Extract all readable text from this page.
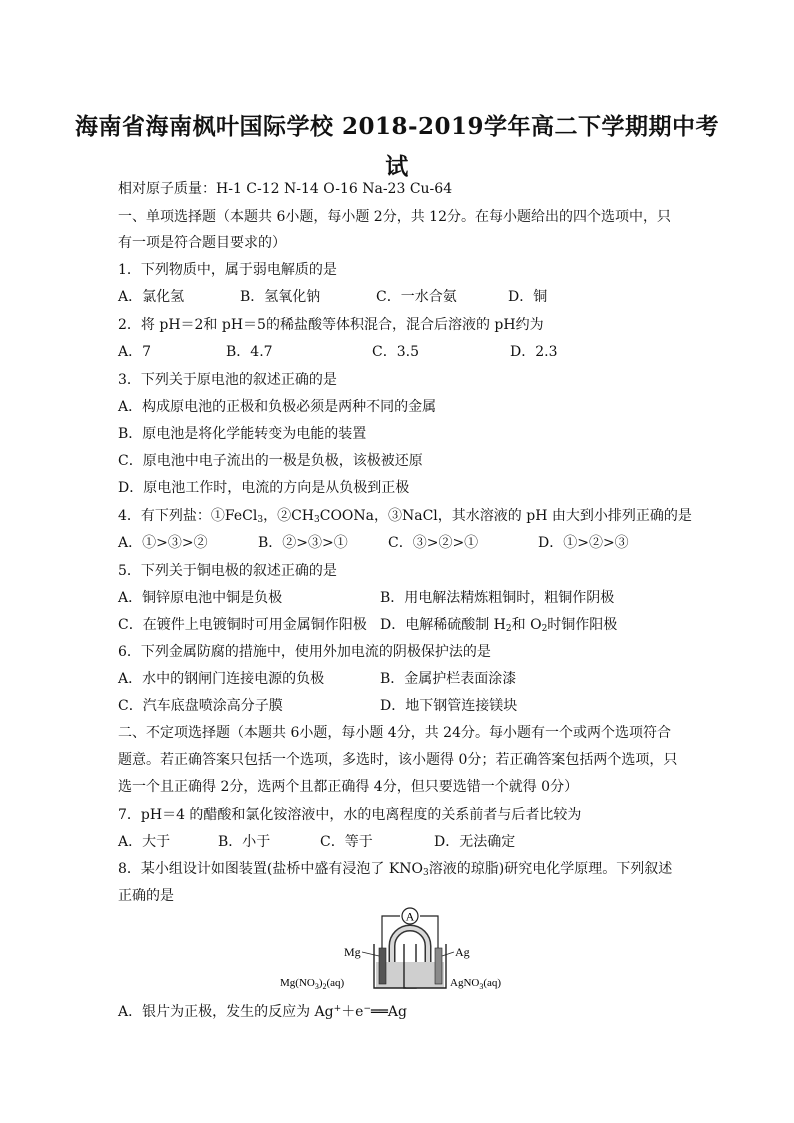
海南省海南枫叶国际学校 2018-2019学年高二下学期期中考
试
相对原子质量：H-1 C-12 N-14 O-16 Na-23 Cu-64
一、单项选择题（本题共 6小题，每小题 2分，共 12分。在每小题给出的四个选项中，只
有一项是符合题目要求的）
1．下列物质中，属于弱电解质的是
A．氯化氢	B．氢氧化钠	C．一水合氨	D．铜
2．将 pH＝2和 pH＝5的稀盐酸等体积混合，混合后溶液的 pH约为
A．7	B．4.7	C．3.5	D．2.3
3．下列关于原电池的叙述正确的是
A．构成原电池的正极和负极必须是两种不同的金属
B．原电池是将化学能转变为电能的装置
C．原电池中电子流出的一极是负极，该极被还原
D．原电池工作时，电流的方向是从负极到正极
4．有下列盐：①FeCl$_3$，$②CH_3COONa$，③NaCl，其水溶液的 pH 由大到小排列正确的是
A．①>③>②	B．②>③>①	C．③>②>①	D．①>②>③
5．下列关于铜电极的叙述正确的是
A．铜锌原电池中铜是负极	B．用电解法精炼粗铜时，粗铜作阴极
C．在镀件上电镀铜时可用金属铜作阳极 D．电解稀硫酸制 $H_2$和 $O_2$时铜作阳极
6．下列金属防腐的措施中，使用外加电流的阴极保护法的是
A．水中的钢闸门连接电源的负极	B．金属护栏表面涂漆
C．汽车底盘喷涂高分子膜	D．地下钢管连接镁块
二、不定项选择题（本题共 6小题，每小题 4分，共 24分。每小题有一个或两个选项符合
题意。若正确答案只包括一个选项，多选时，该小题得 0分；若正确答案包括两个选项，只
选一个且正确得 2分，选两个且都正确得 4分，但只要选错一个就得 0分）
7．pH＝4 的醋酸和氯化铵溶液中，水的电离程度的关系前者与后者比较为
A．大于	B．小于	C．等于	D．无法确定
8．某小组设计如图装置(盐桥中盛有浸泡了 $KNO_3$溶液的琼脂)研究电化学原理。下列叙述
正确的是
A
Mg	Ag
$Mg(NO_3)_2(aq)$	AgNO$_3$(aq)
A．银片为正极，发生的反应为 Ag+＋e−══Ag
